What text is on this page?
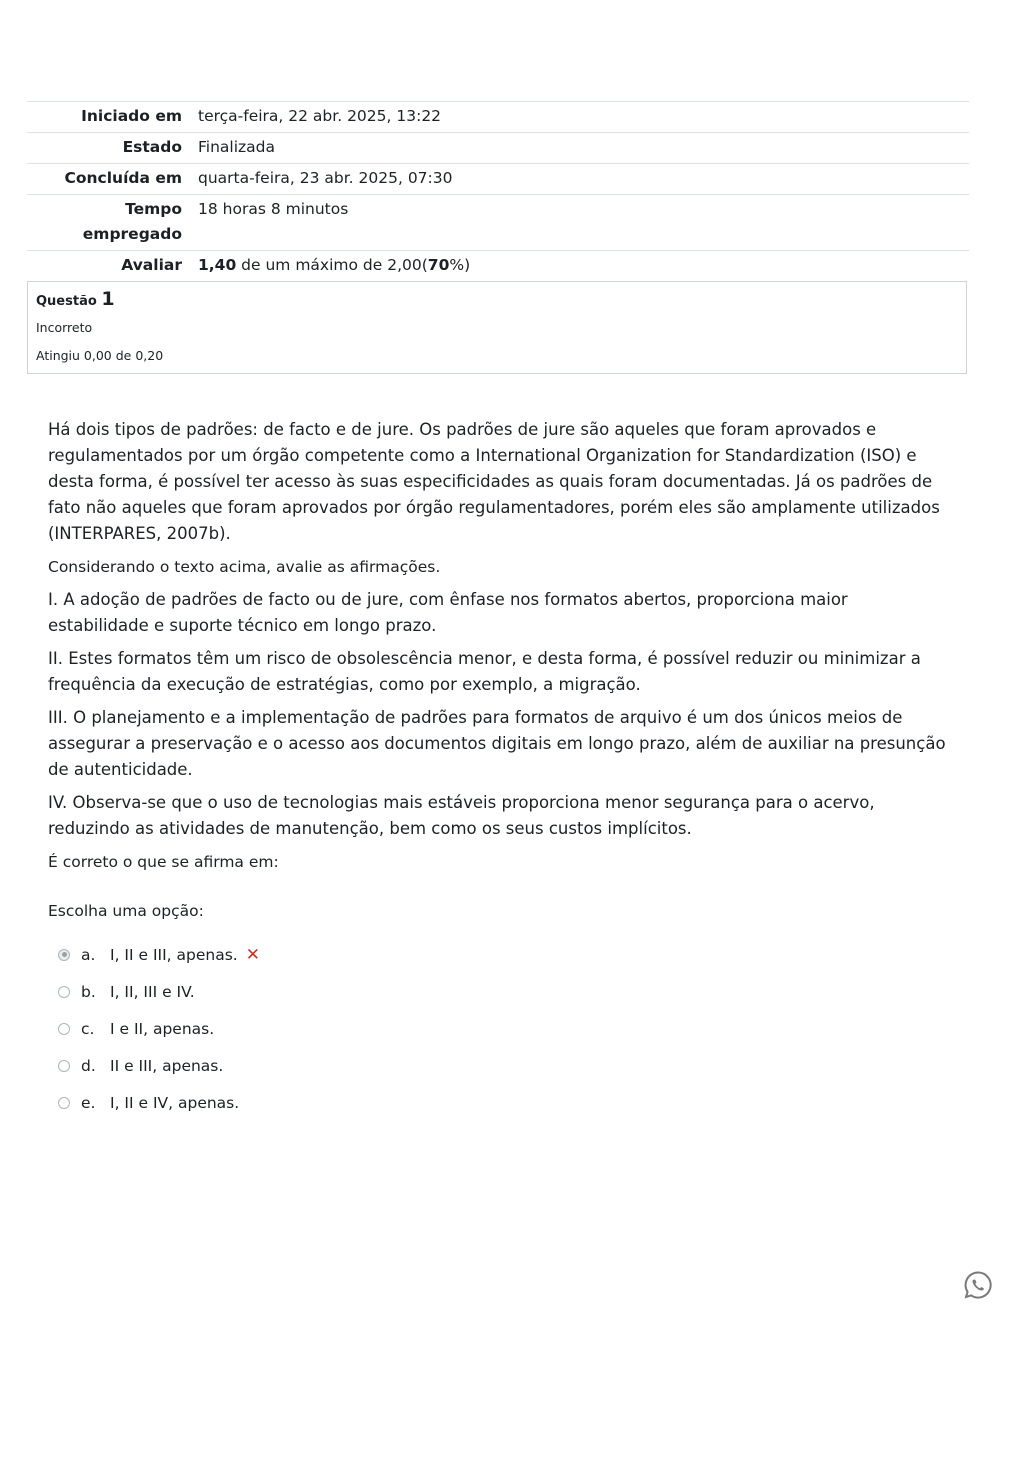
Iniciado em	terça-feira, 22 abr. 2025, 13:22
Estado	Finalizada
Concluída em	quarta-feira, 23 abr. 2025, 07:30
Tempo empregado	18 horas 8 minutos
Avaliar	1,40 de um máximo de 2,00(70%)
Questão 1
Incorreto
Atingiu 0,00 de 0,20

Há dois tipos de padrões: de facto e de jure. Os padrões de jure são aqueles que foram aprovados e regulamentados por um órgão competente como a International Organization for Standardization (ISO) e desta forma, é possível ter acesso às suas especificidades as quais foram documentadas. Já os padrões de fato não aqueles que foram aprovados por órgão regulamentadores, porém eles são amplamente utilizados (INTERPARES, 2007b).

Considerando o texto acima, avalie as afirmações.

I. A adoção de padrões de facto ou de jure, com ênfase nos formatos abertos, proporciona maior estabilidade e suporte técnico em longo prazo.

II. Estes formatos têm um risco de obsolescência menor, e desta forma, é possível reduzir ou minimizar a frequência da execução de estratégias, como por exemplo, a migração.

III. O planejamento e a implementação de padrões para formatos de arquivo é um dos únicos meios de assegurar a preservação e o acesso aos documentos digitais em longo prazo, além de auxiliar na presunção de autenticidade.

IV. Observa-se que o uso de tecnologias mais estáveis proporciona menor segurança para o acervo, reduzindo as atividades de manutenção, bem como os seus custos implícitos.

É correto o que se afirma em:

Escolha uma opção:
a. I, II e III, apenas. ✕
b. I, II, III e IV.
c.	I e II, apenas.
d. II e III, apenas.
e. I, II e IV, apenas.
